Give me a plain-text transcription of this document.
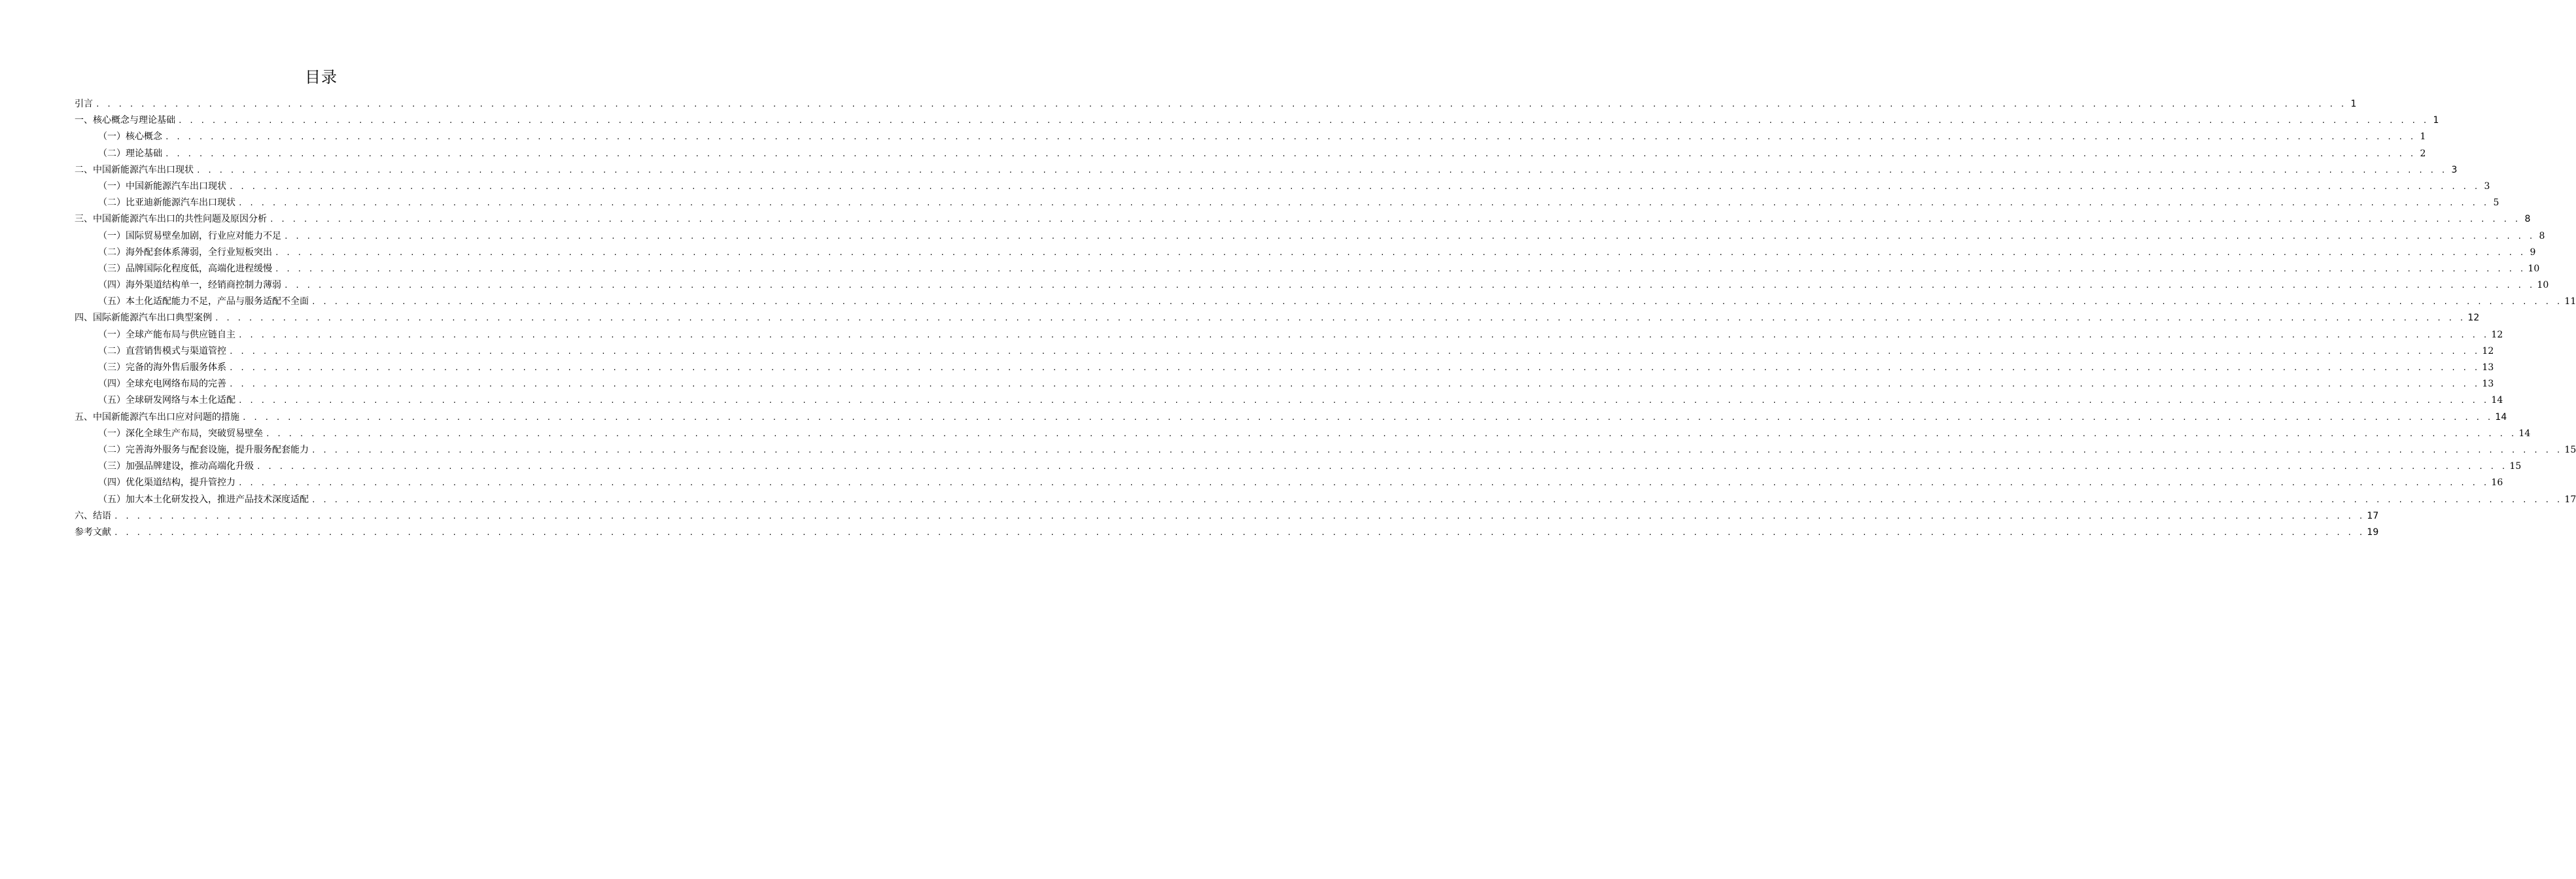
目录
引言 . . . . . . . . . . . . . . . . . . . . . . . . . . . . . . . . . . . . . . . . . . . . . . . . . . . . . . . . . . . . . . . . . . . . . . . . . . . . . . . . . . . . . . . . . . . . . . . . . . . . . . . . . . . . . . . . . . . . . . . . . . . . . . . . . . . . . . . . . . . . . . . . . . . . . . . . . . . . . . . . . . . . . . . . . . . . . . . . . . . . . . . . . . . . . . . . . . . . . . . . 1
一、核心概念与理论基础 . . . . . . . . . . . . . . . . . . . . . . . . . . . . . . . . . . . . . . . . . . . . . . . . . . . . . . . . . . . . . . . . . . . . . . . . . . . . . . . . . . . . . . . . . . . . . . . . . . . . . . . . . . . . . . . . . . . . . . . . . . . . . . . . . . . . . . . . . . . . . . . . . . . . . . . . . . . . . . . . . . . . . . . . . . . . . . . . . . . . . . . . . . . . . . . . . . . . . . . . 1
（一）核心概念 . . . . . . . . . . . . . . . . . . . . . . . . . . . . . . . . . . . . . . . . . . . . . . . . . . . . . . . . . . . . . . . . . . . . . . . . . . . . . . . . . . . . . . . . . . . . . . . . . . . . . . . . . . . . . . . . . . . . . . . . . . . . . . . . . . . . . . . . . . . . . . . . . . . . . . . . . . . . . . . . . . . . . . . . . . . . . . . . . . . . . . . . . . . . . . . . . . . . . . . . 1
（二）理论基础 . . . . . . . . . . . . . . . . . . . . . . . . . . . . . . . . . . . . . . . . . . . . . . . . . . . . . . . . . . . . . . . . . . . . . . . . . . . . . . . . . . . . . . . . . . . . . . . . . . . . . . . . . . . . . . . . . . . . . . . . . . . . . . . . . . . . . . . . . . . . . . . . . . . . . . . . . . . . . . . . . . . . . . . . . . . . . . . . . . . . . . . . . . . . . . . . . . . . . . . . 2
二、中国新能源汽车出口现状 . . . . . . . . . . . . . . . . . . . . . . . . . . . . . . . . . . . . . . . . . . . . . . . . . . . . . . . . . . . . . . . . . . . . . . . . . . . . . . . . . . . . . . . . . . . . . . . . . . . . . . . . . . . . . . . . . . . . . . . . . . . . . . . . . . . . . . . . . . . . . . . . . . . . . . . . . . . . . . . . . . . . . . . . . . . . . . . . . . . . . . . . . . . . . . . . . . . . . . . . 3
（一）中国新能源汽车出口现状 . . . . . . . . . . . . . . . . . . . . . . . . . . . . . . . . . . . . . . . . . . . . . . . . . . . . . . . . . . . . . . . . . . . . . . . . . . . . . . . . . . . . . . . . . . . . . . . . . . . . . . . . . . . . . . . . . . . . . . . . . . . . . . . . . . . . . . . . . . . . . . . . . . . . . . . . . . . . . . . . . . . . . . . . . . . . . . . . . . . . . . . . . . . . . . . . . . . . . . . . 3
（二）比亚迪新能源汽车出口现状 . . . . . . . . . . . . . . . . . . . . . . . . . . . . . . . . . . . . . . . . . . . . . . . . . . . . . . . . . . . . . . . . . . . . . . . . . . . . . . . . . . . . . . . . . . . . . . . . . . . . . . . . . . . . . . . . . . . . . . . . . . . . . . . . . . . . . . . . . . . . . . . . . . . . . . . . . . . . . . . . . . . . . . . . . . . . . . . . . . . . . . . . . . . . . . . . . . . . . . . . 5
三、中国新能源汽车出口的共性问题及原因分析 . . . . . . . . . . . . . . . . . . . . . . . . . . . . . . . . . . . . . . . . . . . . . . . . . . . . . . . . . . . . . . . . . . . . . . . . . . . . . . . . . . . . . . . . . . . . . . . . . . . . . . . . . . . . . . . . . . . . . . . . . . . . . . . . . . . . . . . . . . . . . . . . . . . . . . . . . . . . . . . . . . . . . . . . . . . . . . . . . . . . . . . . . . . . . . . . . . . . . . . . 8
（一）国际贸易壁垒加剧，行业应对能力不足 . . . . . . . . . . . . . . . . . . . . . . . . . . . . . . . . . . . . . . . . . . . . . . . . . . . . . . . . . . . . . . . . . . . . . . . . . . . . . . . . . . . . . . . . . . . . . . . . . . . . . . . . . . . . . . . . . . . . . . . . . . . . . . . . . . . . . . . . . . . . . . . . . . . . . . . . . . . . . . . . . . . . . . . . . . . . . . . . . . . . . . . . . . . . . . . . . . . . . . . . 8
（二）海外配套体系薄弱，全行业短板突出 . . . . . . . . . . . . . . . . . . . . . . . . . . . . . . . . . . . . . . . . . . . . . . . . . . . . . . . . . . . . . . . . . . . . . . . . . . . . . . . . . . . . . . . . . . . . . . . . . . . . . . . . . . . . . . . . . . . . . . . . . . . . . . . . . . . . . . . . . . . . . . . . . . . . . . . . . . . . . . . . . . . . . . . . . . . . . . . . . . . . . . . . . . . . . . . . . . . . . . . . 9
（三）品牌国际化程度低，高端化进程缓慢 . . . . . . . . . . . . . . . . . . . . . . . . . . . . . . . . . . . . . . . . . . . . . . . . . . . . . . . . . . . . . . . . . . . . . . . . . . . . . . . . . . . . . . . . . . . . . . . . . . . . . . . . . . . . . . . . . . . . . . . . . . . . . . . . . . . . . . . . . . . . . . . . . . . . . . . . . . . . . . . . . . . . . . . . . . . . . . . . . . . . . . . . . . . . . . . . . . . . . . . . 10
（四）海外渠道结构单一，经销商控制力薄弱 . . . . . . . . . . . . . . . . . . . . . . . . . . . . . . . . . . . . . . . . . . . . . . . . . . . . . . . . . . . . . . . . . . . . . . . . . . . . . . . . . . . . . . . . . . . . . . . . . . . . . . . . . . . . . . . . . . . . . . . . . . . . . . . . . . . . . . . . . . . . . . . . . . . . . . . . . . . . . . . . . . . . . . . . . . . . . . . . . . . . . . . . . . . . . . . . . . . . . . . . 10
（五）本土化适配能力不足，产品与服务适配不全面 . . . . . . . . . . . . . . . . . . . . . . . . . . . . . . . . . . . . . . . . . . . . . . . . . . . . . . . . . . . . . . . . . . . . . . . . . . . . . . . . . . . . . . . . . . . . . . . . . . . . . . . . . . . . . . . . . . . . . . . . . . . . . . . . . . . . . . . . . . . . . . . . . . . . . . . . . . . . . . . . . . . . . . . . . . . . . . . . . . . . . . . . . . . . . . . . . . . . . . . . 11
四、国际新能源汽车出口典型案例 . . . . . . . . . . . . . . . . . . . . . . . . . . . . . . . . . . . . . . . . . . . . . . . . . . . . . . . . . . . . . . . . . . . . . . . . . . . . . . . . . . . . . . . . . . . . . . . . . . . . . . . . . . . . . . . . . . . . . . . . . . . . . . . . . . . . . . . . . . . . . . . . . . . . . . . . . . . . . . . . . . . . . . . . . . . . . . . . . . . . . . . . . . . . . . . . . . . . . . . . 12
（一）全球产能布局与供应链自主 . . . . . . . . . . . . . . . . . . . . . . . . . . . . . . . . . . . . . . . . . . . . . . . . . . . . . . . . . . . . . . . . . . . . . . . . . . . . . . . . . . . . . . . . . . . . . . . . . . . . . . . . . . . . . . . . . . . . . . . . . . . . . . . . . . . . . . . . . . . . . . . . . . . . . . . . . . . . . . . . . . . . . . . . . . . . . . . . . . . . . . . . . . . . . . . . . . . . . . . . 12
（二）直营销售模式与渠道管控 . . . . . . . . . . . . . . . . . . . . . . . . . . . . . . . . . . . . . . . . . . . . . . . . . . . . . . . . . . . . . . . . . . . . . . . . . . . . . . . . . . . . . . . . . . . . . . . . . . . . . . . . . . . . . . . . . . . . . . . . . . . . . . . . . . . . . . . . . . . . . . . . . . . . . . . . . . . . . . . . . . . . . . . . . . . . . . . . . . . . . . . . . . . . . . . . . . . . . . . . 12
（三）完备的海外售后服务体系 . . . . . . . . . . . . . . . . . . . . . . . . . . . . . . . . . . . . . . . . . . . . . . . . . . . . . . . . . . . . . . . . . . . . . . . . . . . . . . . . . . . . . . . . . . . . . . . . . . . . . . . . . . . . . . . . . . . . . . . . . . . . . . . . . . . . . . . . . . . . . . . . . . . . . . . . . . . . . . . . . . . . . . . . . . . . . . . . . . . . . . . . . . . . . . . . . . . . . . . . 13
（四）全球充电网络布局的完善 . . . . . . . . . . . . . . . . . . . . . . . . . . . . . . . . . . . . . . . . . . . . . . . . . . . . . . . . . . . . . . . . . . . . . . . . . . . . . . . . . . . . . . . . . . . . . . . . . . . . . . . . . . . . . . . . . . . . . . . . . . . . . . . . . . . . . . . . . . . . . . . . . . . . . . . . . . . . . . . . . . . . . . . . . . . . . . . . . . . . . . . . . . . . . . . . . . . . . . . . 13
（五）全球研发网络与本土化适配 . . . . . . . . . . . . . . . . . . . . . . . . . . . . . . . . . . . . . . . . . . . . . . . . . . . . . . . . . . . . . . . . . . . . . . . . . . . . . . . . . . . . . . . . . . . . . . . . . . . . . . . . . . . . . . . . . . . . . . . . . . . . . . . . . . . . . . . . . . . . . . . . . . . . . . . . . . . . . . . . . . . . . . . . . . . . . . . . . . . . . . . . . . . . . . . . . . . . . . . . 14
五、中国新能源汽车出口应对问题的措施 . . . . . . . . . . . . . . . . . . . . . . . . . . . . . . . . . . . . . . . . . . . . . . . . . . . . . . . . . . . . . . . . . . . . . . . . . . . . . . . . . . . . . . . . . . . . . . . . . . . . . . . . . . . . . . . . . . . . . . . . . . . . . . . . . . . . . . . . . . . . . . . . . . . . . . . . . . . . . . . . . . . . . . . . . . . . . . . . . . . . . . . . . . . . . . . . . . . . . . . . 14
（一）深化全球生产布局，突破贸易壁垒 . . . . . . . . . . . . . . . . . . . . . . . . . . . . . . . . . . . . . . . . . . . . . . . . . . . . . . . . . . . . . . . . . . . . . . . . . . . . . . . . . . . . . . . . . . . . . . . . . . . . . . . . . . . . . . . . . . . . . . . . . . . . . . . . . . . . . . . . . . . . . . . . . . . . . . . . . . . . . . . . . . . . . . . . . . . . . . . . . . . . . . . . . . . . . . . . . . . . . . . . 14
（二）完善海外服务与配套设施，提升服务配套能力 . . . . . . . . . . . . . . . . . . . . . . . . . . . . . . . . . . . . . . . . . . . . . . . . . . . . . . . . . . . . . . . . . . . . . . . . . . . . . . . . . . . . . . . . . . . . . . . . . . . . . . . . . . . . . . . . . . . . . . . . . . . . . . . . . . . . . . . . . . . . . . . . . . . . . . . . . . . . . . . . . . . . . . . . . . . . . . . . . . . . . . . . . . . . . . . . . . . . . . . . 15
（三）加强品牌建设，推动高端化升级 . . . . . . . . . . . . . . . . . . . . . . . . . . . . . . . . . . . . . . . . . . . . . . . . . . . . . . . . . . . . . . . . . . . . . . . . . . . . . . . . . . . . . . . . . . . . . . . . . . . . . . . . . . . . . . . . . . . . . . . . . . . . . . . . . . . . . . . . . . . . . . . . . . . . . . . . . . . . . . . . . . . . . . . . . . . . . . . . . . . . . . . . . . . . . . . . . . . . . . . . 15
（四）优化渠道结构，提升管控力 . . . . . . . . . . . . . . . . . . . . . . . . . . . . . . . . . . . . . . . . . . . . . . . . . . . . . . . . . . . . . . . . . . . . . . . . . . . . . . . . . . . . . . . . . . . . . . . . . . . . . . . . . . . . . . . . . . . . . . . . . . . . . . . . . . . . . . . . . . . . . . . . . . . . . . . . . . . . . . . . . . . . . . . . . . . . . . . . . . . . . . . . . . . . . . . . . . . . . . . . 16
（五）加大本土化研发投入，推进产品技术深度适配 . . . . . . . . . . . . . . . . . . . . . . . . . . . . . . . . . . . . . . . . . . . . . . . . . . . . . . . . . . . . . . . . . . . . . . . . . . . . . . . . . . . . . . . . . . . . . . . . . . . . . . . . . . . . . . . . . . . . . . . . . . . . . . . . . . . . . . . . . . . . . . . . . . . . . . . . . . . . . . . . . . . . . . . . . . . . . . . . . . . . . . . . . . . . . . . . . . . . . . . . 17
六、结语 . . . . . . . . . . . . . . . . . . . . . . . . . . . . . . . . . . . . . . . . . . . . . . . . . . . . . . . . . . . . . . . . . . . . . . . . . . . . . . . . . . . . . . . . . . . . . . . . . . . . . . . . . . . . . . . . . . . . . . . . . . . . . . . . . . . . . . . . . . . . . . . . . . . . . . . . . . . . . . . . . . . . . . . . . . . . . . . . . . . . . . . . . . . . . . . . . . . . . . . . 17
参考文献 . . . . . . . . . . . . . . . . . . . . . . . . . . . . . . . . . . . . . . . . . . . . . . . . . . . . . . . . . . . . . . . . . . . . . . . . . . . . . . . . . . . . . . . . . . . . . . . . . . . . . . . . . . . . . . . . . . . . . . . . . . . . . . . . . . . . . . . . . . . . . . . . . . . . . . . . . . . . . . . . . . . . . . . . . . . . . . . . . . . . . . . . . . . . . . . . . . . . . . . . 19
